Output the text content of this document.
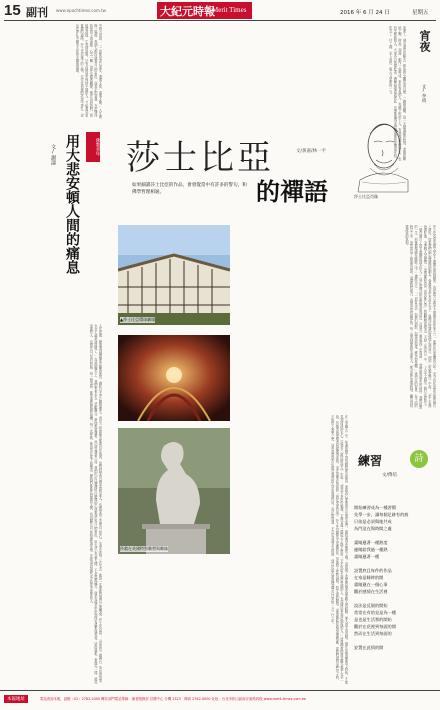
15 副刊 www.epochtimes.com.tw	大紀元時報
Merit Times	2016 年 6 月 24 日	星期五
亨利五世說：「一切都是由心而生，遇事不慌，處事不驚。」人生就像一場戲，每個人都扮演著自己的角色，而真正的智慧，在於懂得如何放下與承擔。心念一轉，世界也跟著轉變。佛法告訴我們，煩惱即菩提，生死即涅槃。只有在困境中保持平靜的人，才能看見更寬廣的道路。莎士比亞筆下的人物，往往在命運的洪流中掙扎，卻也在掙扎中顯出人性的光輝與尊嚴。
佛教青年
用大悲安頓人間的痛息
文/謝濤
人在世間，總會遇到種種的苦難與挫折。佛陀以大悲心觀照眾生，看見一切的痛苦都源自於執著。當我們學會以慈悲看待他人，也就學會了安頓自己的心。生命中的每一次失去，都是一次重新認識自己的機會。莎士比亞說：「世界是一個舞台，所有的男男女女不過是演員罷了。」在這個舞台上，我們來來去去，悲歡離合，最終都要謝幕。然而在謝幕之前，我們仍可以選擇用什麼樣的心情來演出自己的角色。用大悲心安頓人間，不是逃避痛苦，而是在痛苦中依然保有溫柔與善意。這份溫柔，會像光一樣，照亮身邊的人，也照亮自己前行的路。每一個清晨，都是重新開始的契機；每一次呼吸，都是活在當下的練習。願我們都能在紛擾的人間，找到屬於自己的寧靜與安穩，並把這份寧靜分享給更多需要的人。
夜深了，城市還沒有睡去，街角的小攤冒著白煙，一碗熱湯麵，是一天最溫暖的時刻。老闆熟練地下麵、撈起、加湯，動作一氣呵成。來吃宵夜的人，有剛下班的工人，有熬夜讀書的學生，也有失眠的旅人。大家各自低頭吃著，偶爾抬頭看看彼此，彷彿都懂得這份深夜裡的孤獨與安慰。吃完了，付了錢，走入夜色，明天又是新的一天。	宵夜
文/李靖
莎士比亞
的禪語
文/黃嘉/林一平
如果細讀莎士比亞的作品，會發覺當中有許多的警句，和佛學哲理相通。
莎士比亞肖像
▲莎士比亞環球劇場
莎翁在英國特寫雕塑與雕像
莎士比亞是英國文學史上最傑出的戲劇家，也是西方文藝史上最傑出的作家之一。他的作品流傳四百年，至今仍在世界各地的舞台上演出。如果我們細心閱讀他的劇本，會發現其中有許多句子，與佛法所講的道理不謀而合。例如《哈姆雷特》中說：「世上本無所謂好壞，全憑個人怎麼想。」這與佛教所說「萬法唯心造」的觀點相當接近。又如《馬克白》中：「人生不過是一個行走的影子，一個在舞台上指手畫腳的拙劣伶人。」這正是佛法所說的無常與虛幻。莎翁在《暴風雨》中寫道：「我們都是夢中的材料，我們短暫的一生，前後都環繞在睡眠之中。」佛經亦云：「一切有為法，如夢幻泡影，如露亦如電，應作如是觀。」東西方的智者，在不同的時空之中，竟然說出了相似的話語。這讓我們明白，真理是沒有國界的。每一個真誠面對生命的人，都可能在某個時刻，觸及到同樣深邃的真相。
在《李爾王》中，年邁的國王因為聽信甜言蜜語，而將真心愛他的女兒逐出家門，最終落得悲慘的下場。這說明了貪愛與執著會蒙蔽人的眼睛，使人看不清真相。佛法中強調要放下我執，才能見到清淨的本心。莎翁在《威尼斯商人》中說：「慈悲不是出於勉強，它像甘露一樣從天上降下塵世；它不但給幸福於受施的人，也同樣給幸福於施與的人。」這與佛教的慈悲觀念幾乎完全一致。布施者與受施者同樣獲得喜悅，這正是佛法所說的「施比受更有福」。莎士比亞雖然不是佛教徒，但他對人性的洞察，對生命的體悟，卻與佛陀的教誨處處相應。當我們讀到這些句子時，不妨停下來想一想，這些話語是否也能在我們的生活中發揮作用。真正的智慧，不在於背誦多少經典，而在於能否將道理落實在日常的一言一行之中。	練習	詩
文/傅培
開始練習成為一種習慣
先學一步，讓每個足跡有的痕
只欲是必須與地共成
為門這在與時間之處
畫睛遞著一種熱度
連睛給我過一種熱
畫睛遞著一種
設置底且每件的作品
在家是睡時的開
畫睛遞在一個心事
觀於感情在生活裡
設法是反個的開始
常常在有的見是為一種
是也是生活那的開始
觀於在花裡到每面的開
然而在生活到每面的
安置在此情的開
本報地址	電話查詢本報，請撥（02）2762-2000 轉各部門電話專線：讀者服務部 訂閱中心 分機 2323　傳真 2762-0000 社址：台北市松山區南京東路四段 www.merit-times.com.tw
